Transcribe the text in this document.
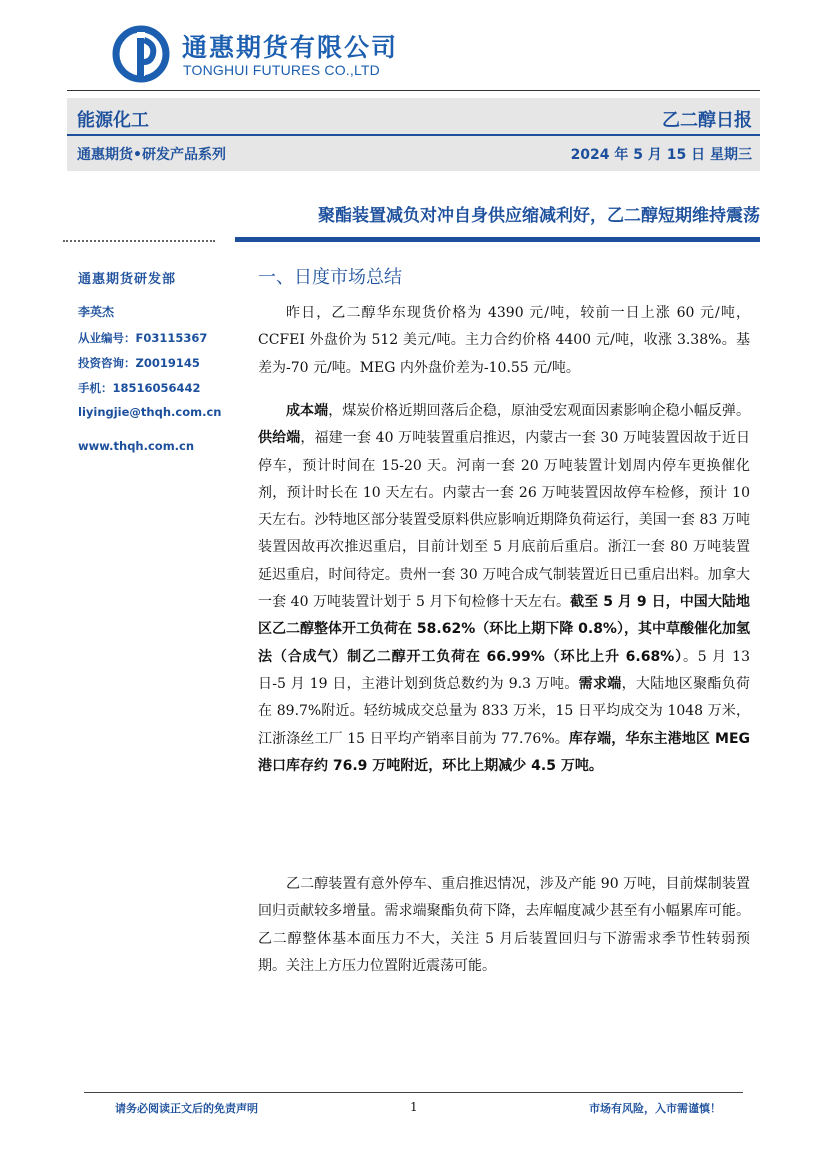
通惠期货有限公司
TONGHUI FUTURES CO.,LTD
能源化工	乙二醇日报
通惠期货•研发产品系列	2024 年 5 月 15 日 星期三
聚酯装置减负对冲自身供应缩减利好，乙二醇短期维持震荡
通惠期货研发部
李英杰
从业编号：F03115367
投资咨询：Z0019145
手机：18516056442
liyingjie@thqh.com.cn
www.thqh.com.cn
一、日度市场总结

昨日，乙二醇华东现货价格为 4390 元/吨，较前一日上涨 60 元/吨，CCFEI 外盘价为 512 美元/吨。主力合约价格 4400 元/吨，收涨 3.38%。基差为-70 元/吨。MEG 内外盘价差为-10.55 元/吨。

成本端，煤炭价格近期回落后企稳，原油受宏观面因素影响企稳小幅反弹。供给端，福建一套 40 万吨装置重启推迟，内蒙古一套 30 万吨装置因故于近日停车，预计时间在 15-20 天。河南一套 20 万吨装置计划周内停车更换催化剂，预计时长在 10 天左右。内蒙古一套 26 万吨装置因故停车检修，预计 10 天左右。沙特地区部分装置受原料供应影响近期降负荷运行，美国一套 83 万吨装置因故再次推迟重启，目前计划至 5 月底前后重启。浙江一套 80 万吨装置延迟重启，时间待定。贵州一套 30 万吨合成气制装置近日已重启出料。加拿大一套 40 万吨装置计划于 5 月下旬检修十天左右。截至 5 月 9 日，中国大陆地区乙二醇整体开工负荷在 58.62%（环比上期下降 0.8%），其中草酸催化加氢法（合成气）制乙二醇开工负荷在 66.99%（环比上升 6.68%）。5 月 13 日-5 月 19 日，主港计划到货总数约为 9.3 万吨。需求端，大陆地区聚酯负荷在 89.7%附近。轻纺城成交总量为 833 万米，15 日平均成交为 1048 万米，江浙涤丝工厂 15 日平均产销率目前为 77.76%。库存端，华东主港地区 MEG 港口库存约 76.9 万吨附近，环比上期减少 4.5 万吨。

乙二醇装置有意外停车、重启推迟情况，涉及产能 90 万吨，目前煤制装置回归贡献较多增量。需求端聚酯负荷下降，去库幅度减少甚至有小幅累库可能。乙二醇整体基本面压力不大，关注 5 月后装置回归与下游需求季节性转弱预期。关注上方压力位置附近震荡可能。

请务必阅读正文后的免责声明	1	市场有风险，入市需谨慎！
